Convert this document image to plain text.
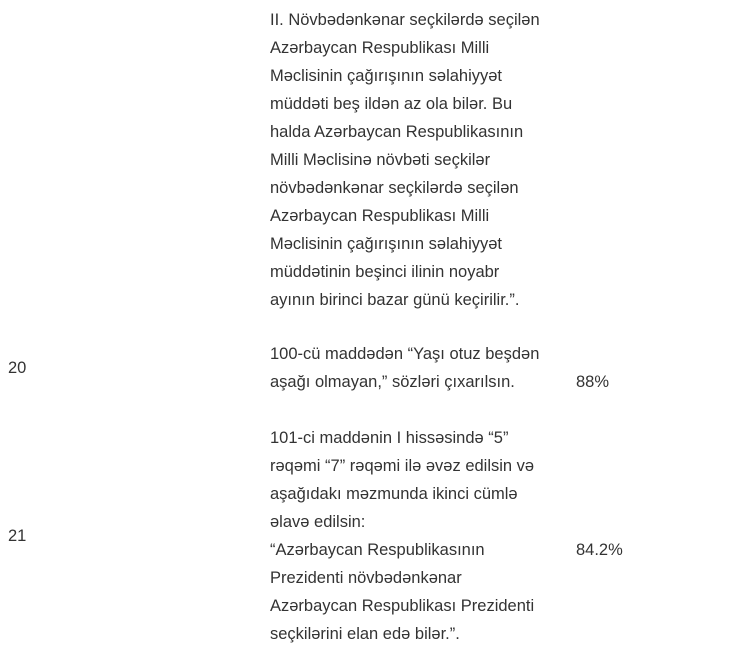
II. Növbədənkənar seçkilərdə seçilən
Azərbaycan Respublikası Milli
Məclisinin çağırışının səlahiyyət
müddəti beş ildən az ola bilər. Bu
halda Azərbaycan Respublikasının
Milli Məclisinə növbəti seçkilər
növbədənkənar seçkilərdə seçilən
Azərbaycan Respublikası Milli
Məclisinin çağırışının səlahiyyət
müddətinin beşinci ilinin noyabr
ayının birinci bazar günü keçirilir.”.
20
100-cü maddədən “Yaşı otuz beşdən
aşağı olmayan,” sözləri çıxarılsın.	88%
21
101-ci maddənin I hissəsində “5”
rəqəmi “7” rəqəmi ilə əvəz edilsin və
aşağıdakı məzmunda ikinci cümlə
əlavə edilsin:
“Azərbaycan Respublikasının
Prezidenti növbədənkənar
Azərbaycan Respublikası Prezidenti
seçkilərini elan edə bilər.”.
84.2%
